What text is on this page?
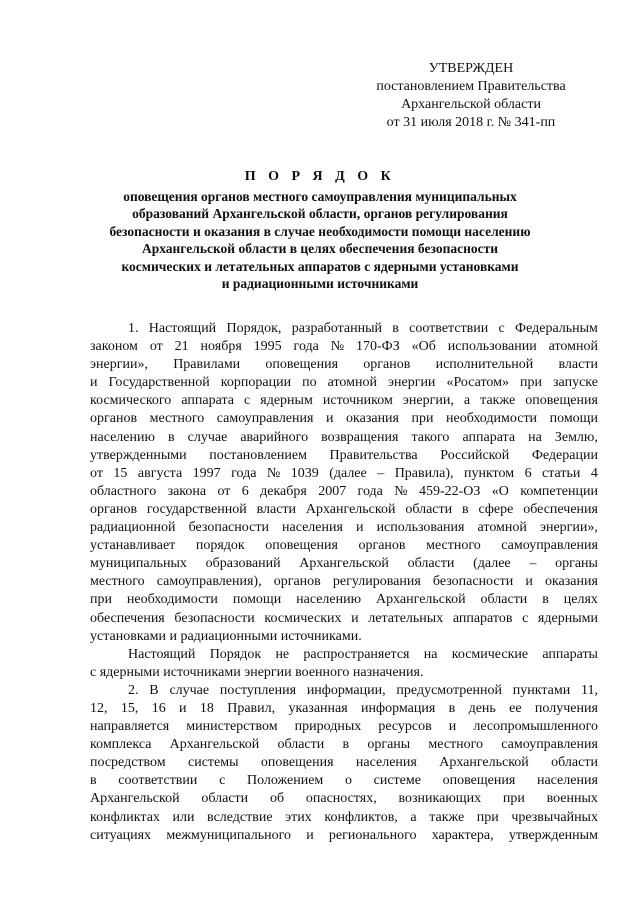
УТВЕРЖДЕН
постановлением Правительства
Архангельской области
от 31 июля 2018 г. № 341-пп
П О Р Я Д О К
оповещения органов местного самоуправления муниципальных
образований Архангельской области, органов регулирования
безопасности и оказания в случае необходимости помощи населению
Архангельской области в целях обеспечения безопасности
космических и летательных аппаратов с ядерными установками
и радиационными источниками
1. Настоящий Порядок, разработанный в соответствии с Федеральным
законом от 21 ноября 1995 года № 170-ФЗ «Об использовании атомной
энергии», Правилами оповещения органов исполнительной власти
и Государственной корпорации по атомной энергии «Росатом» при запуске
космического аппарата с ядерным источником энергии, а также оповещения
органов местного самоуправления и оказания при необходимости помощи
населению в случае аварийного возвращения такого аппарата на Землю,
утвержденными постановлением Правительства Российской Федерации
от 15 августа 1997 года № 1039 (далее – Правила), пунктом 6 статьи 4
областного закона от 6 декабря 2007 года № 459-22-ОЗ «О компетенции
органов государственной власти Архангельской области в сфере обеспечения
радиационной безопасности населения и использования атомной энергии»,
устанавливает порядок оповещения органов местного самоуправления
муниципальных образований Архангельской области (далее – органы
местного самоуправления), органов регулирования безопасности и оказания
при необходимости помощи населению Архангельской области в целях
обеспечения безопасности космических и летательных аппаратов с ядерными
установками и радиационными источниками.
Настоящий Порядок не распространяется на космические аппараты
с ядерными источниками энергии военного назначения.
2. В случае поступления информации, предусмотренной пунктами 11,
12, 15, 16 и 18 Правил, указанная информация в день ее получения
направляется министерством природных ресурсов и лесопромышленного
комплекса Архангельской области в органы местного самоуправления
посредством системы оповещения населения Архангельской области
в соответствии с Положением о системе оповещения населения
Архангельской области об опасностях, возникающих при военных
конфликтах или вследствие этих конфликтов, а также при чрезвычайных
ситуациях межмуниципального и регионального характера, утвержденным
